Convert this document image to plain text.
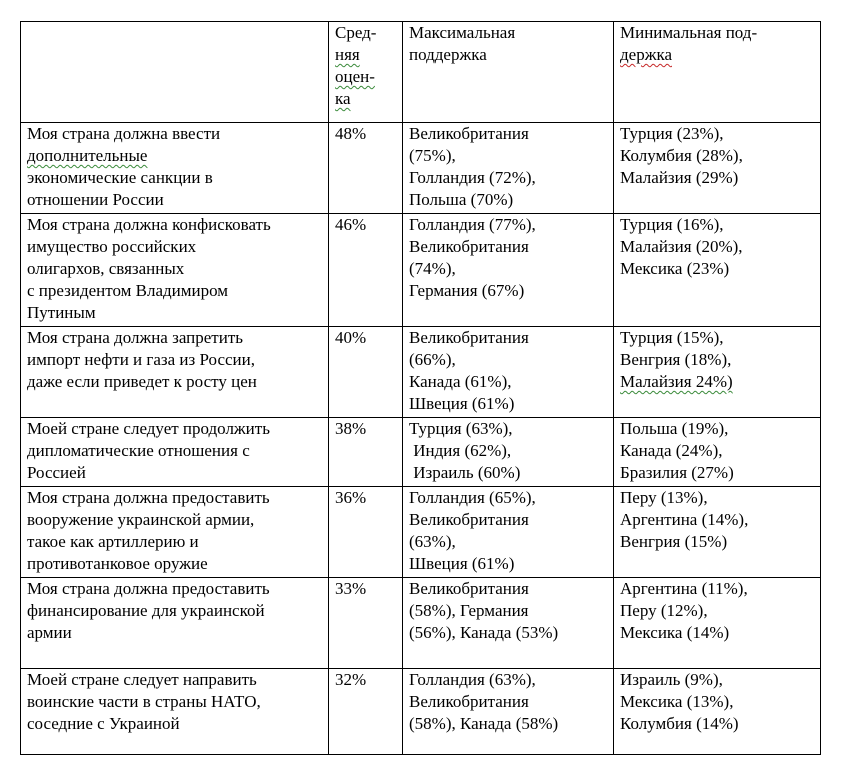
	Сред-
няя
оцен-
ка	Максимальная
поддержка	Минимальная под-
держка

Моя страна должна ввести
дополнительные
экономические санкции в
отношении России	48%	Великобритания
(75%),
Голландия (72%),
Польша (70%)	Турция (23%),
Колумбия (28%),
Малайзия (29%)

Моя страна должна конфисковать
имущество российских
олигархов, связанных
с президентом Владимиром
Путиным	46%	Голландия (77%),
Великобритания
(74%),
Германия (67%)	Турция (16%),
Малайзия (20%),
Мексика (23%)

Моя страна должна запретить
импорт нефти и газа из России,
даже если приведет к росту цен	40%	Великобритания
(66%),
Канада (61%),
Швеция (61%)	Турция (15%),
Венгрия (18%),
Малайзия 24%)

Моей стране следует продолжить
дипломатические отношения с
Россией	38%	Турция (63%),
Индия (62%),
Израиль (60%)	Польша (19%),
Канада (24%),
Бразилия (27%)

Моя страна должна предоставить
вооружение украинской армии,
такое как артиллерию и
противотанковое оружие	36%	Голландия (65%),
Великобритания
(63%),
Швеция (61%)	Перу (13%),
Аргентина (14%),
Венгрия (15%)

Моя страна должна предоставить
финансирование для украинской
армии	33%	Великобритания
(58%), Германия
(56%), Канада (53%)	Аргентина (11%),
Перу (12%),
Мексика (14%)

Моей стране следует направить
воинские части в страны НАТО,
соседние с Украиной	32%	Голландия (63%),
Великобритания
(58%), Канада (58%)	Израиль (9%),
Мексика (13%),
Колумбия (14%)
